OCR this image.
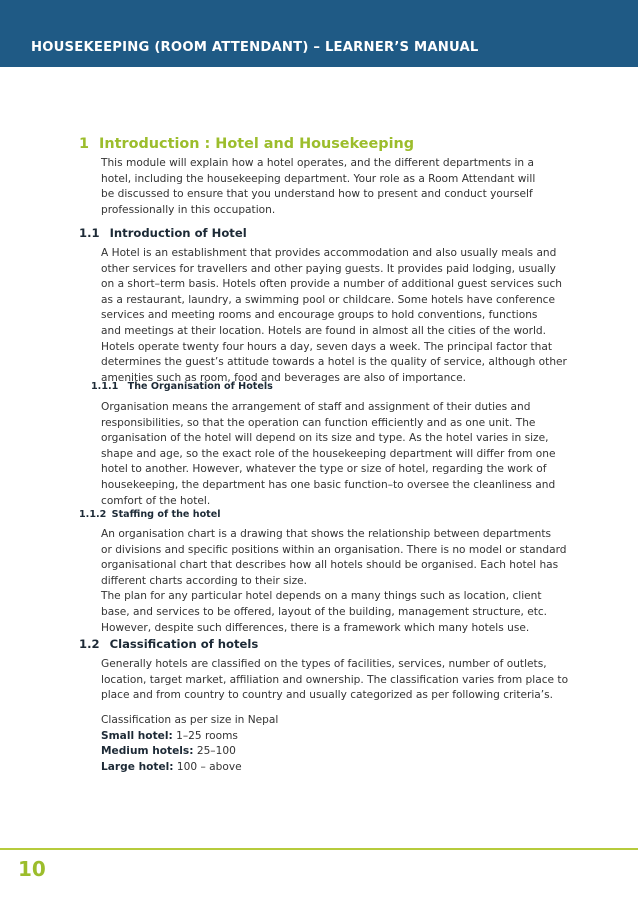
HOUSEKEEPING (ROOM ATTENDANT) – LEARNER’S MANUAL
1 Introduction : Hotel and Housekeeping
This module will explain how a hotel operates, and the different departments in a
hotel, including the housekeeping department. Your role as a Room Attendant will
be discussed to ensure that you understand how to present and conduct yourself
professionally in this occupation.
1.1 Introduction of Hotel
A Hotel is an establishment that provides accommodation and also usually meals and
other services for travellers and other paying guests. It provides paid lodging, usually
on a short–term basis. Hotels often provide a number of additional guest services such
as a restaurant, laundry, a swimming pool or childcare. Some hotels have conference
services and meeting rooms and encourage groups to hold conventions, functions
and meetings at their location. Hotels are found in almost all the cities of the world.
Hotels operate twenty four hours a day, seven days a week. The principal factor that
determines the guest’s attitude towards a hotel is the quality of service, although other
amenities such as room, food and beverages are also of importance.
1.1.1 The Organisation of Hotels
Organisation means the arrangement of staff and assignment of their duties and
responsibilities, so that the operation can function efficiently and as one unit. The
organisation of the hotel will depend on its size and type. As the hotel varies in size,
shape and age, so the exact role of the housekeeping department will differ from one
hotel to another. However, whatever the type or size of hotel, regarding the work of
housekeeping, the department has one basic function–to oversee the cleanliness and
comfort of the hotel.
1.1.2 Staffing of the hotel
An organisation chart is a drawing that shows the relationship between departments
or divisions and specific positions within an organisation. There is no model or standard
organisational chart that describes how all hotels should be organised. Each hotel has
different charts according to their size.
The plan for any particular hotel depends on a many things such as location, client
base, and services to be offered, layout of the building, management structure, etc.
However, despite such differences, there is a framework which many hotels use.
1.2 Classification of hotels
Generally hotels are classified on the types of facilities, services, number of outlets,
location, target market, affiliation and ownership. The classification varies from place to
place and from country to country and usually categorized as per following criteria’s.
Classification as per size in Nepal
Small hotel: 1–25 rooms
Medium hotels: 25–100
Large hotel: 100 – above
10
